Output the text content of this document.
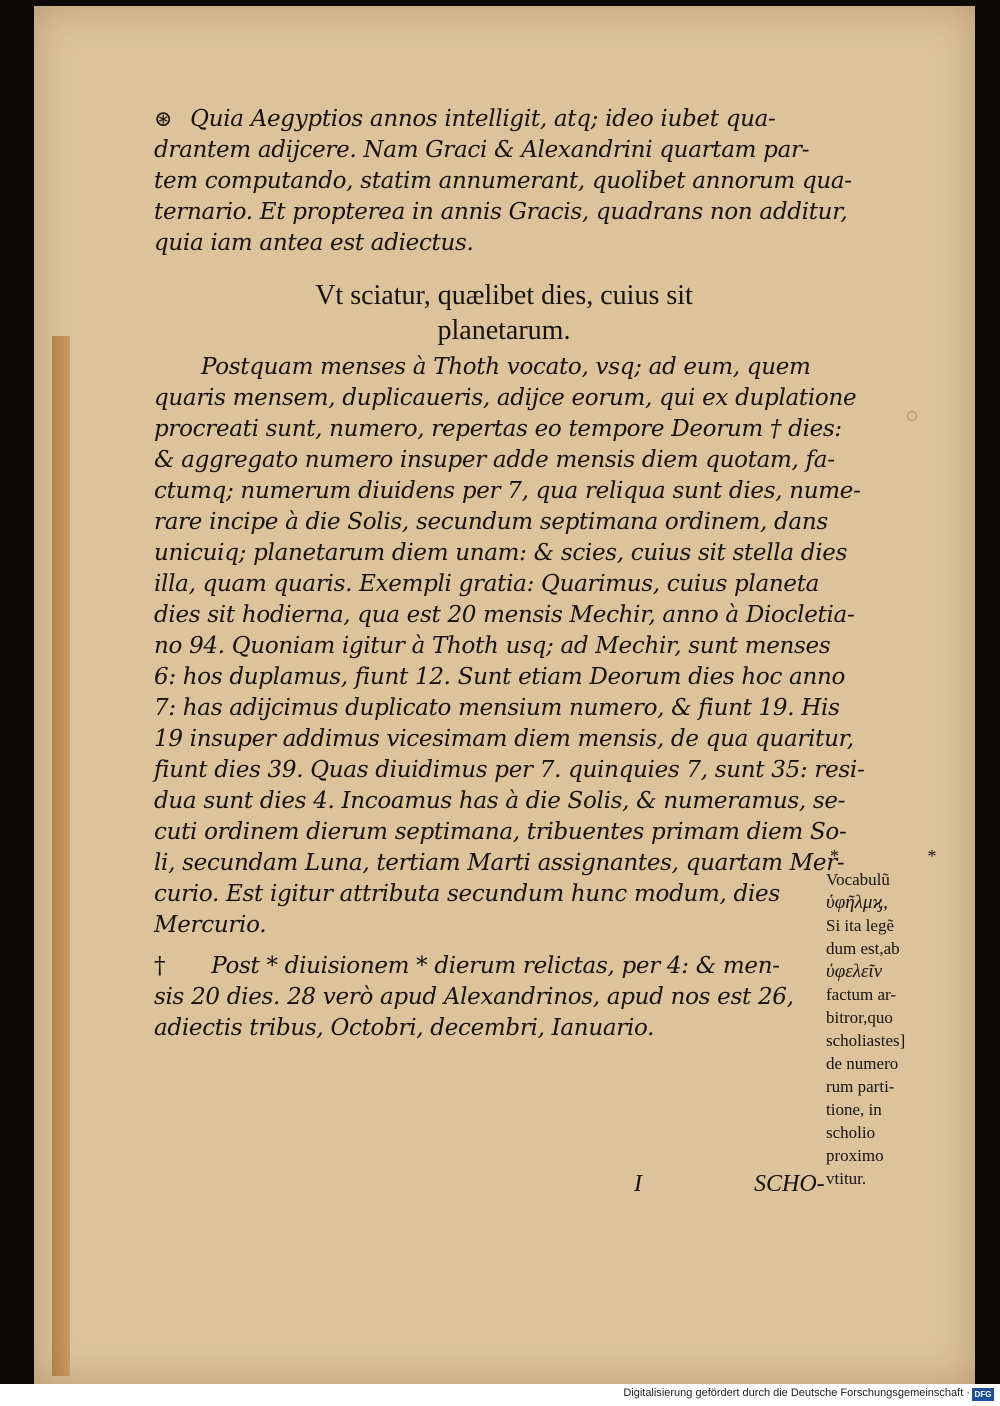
⊛ Quia Aegyptios annos intelligit, atq; ideo iubet qua-
drantem adijcere. Nam Graci & Alexandrini quartam par-
tem computando, statim annumerant, quolibet annorum qua-
ternario. Et propterea in annis Gracis, quadrans non additur,
quia iam antea est adiectus.
Vt sciatur, quælibet dies, cuius sit
planetarum.
Postquam menses à Thoth vocato, vsq; ad eum, quem
quaris mensem, duplicaueris, adijce eorum, qui ex duplatione
procreati sunt, numero, repertas eo tempore Deorum † dies:
& aggregato numero insuper adde mensis diem quotam, fa-
ctumq; numerum diuidens per 7, qua reliqua sunt dies, nume-
rare incipe à die Solis, secundum septimana ordinem, dans
unicuiq; planetarum diem unam: & scies, cuius sit stella dies
illa, quam quaris. Exempli gratia: Quarimus, cuius planeta
dies sit hodierna, qua est 20 mensis Mechir, anno à Diocletia-
no 94. Quoniam igitur à Thoth usq; ad Mechir, sunt menses
6: hos duplamus, fiunt 12. Sunt etiam Deorum dies hoc anno
7: has adijcimus duplicato mensium numero, & fiunt 19. His
19 insuper addimus vicesimam diem mensis, de qua quaritur,
fiunt dies 39. Quas diuidimus per 7. quinquies 7, sunt 35: resi-
dua sunt dies 4. Incoamus has à die Solis, & numeramus, se-
cuti ordinem dierum septimana, tribuentes primam diem So-
li, secundam Luna, tertiam Marti assignantes, quartam Mer-
curio. Est igitur attributa secundum hunc modum, dies
Mercurio.
† Post * diuisionem * dierum relictas, per 4: & men-
sis 20 dies. 28 verò apud Alexandrinos, apud nos est 26,
adiectis tribus, Octobri, decembri, Ianuario.
I	SCHO-
* *
Vocabulũ
ὑφῆλμϗ,
Si ita legẽ
dum est,ab
ὑφελεῖν
factum ar-
bitror,quo
scholiastes]
de numero
rum parti-
tione, in
scholio
proximo
vtitur.
Digitalisierung gefördert durch die Deutsche Forschungsgemeinschaft · DFG
